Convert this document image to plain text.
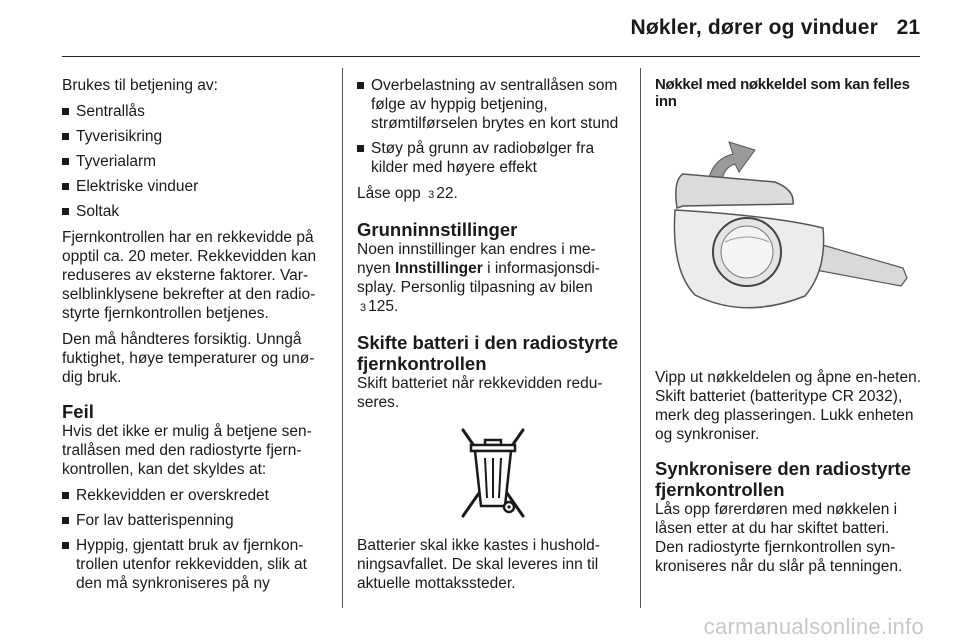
Nøkler, dører og vinduer 21

Brukes til betjening av:

Sentrallås
Tyverisikring
Tyverialarm
Elektriske vinduer
Soltak

Fjernkontrollen har en rekkevidde på opptil ca. 20 meter. Rekkevidden kan reduseres av eksterne faktorer. Var-selblinklysene bekrefter at den radio-styrte fjernkontrollen betjenes.

Den må håndteres forsiktig. Unngå fuktighet, høye temperaturer og unø-dig bruk.

Feil

Hvis det ikke er mulig å betjene sen-trallåsen med den radiostyrte fjern-kontrollen, kan det skyldes at:

Rekkevidden er overskredet
For lav batterispenning
Hyppig, gjentatt bruk av fjernkon-trollen utenfor rekkevidden, slik at den må synkroniseres på ny
Overbelastning av sentrallåsen som følge av hyppig betjening, strømtilførselen brytes en kort stund
Støy på grunn av radiobølger fra kilder med høyere effekt

Låse opp 3 22.

Grunninnstillinger

Noen innstillinger kan endres i me-nyen Innstillinger i informasjonsdi-splay. Personlig tilpasning av bilen 3 125.

Skifte batteri i den radiostyrte fjernkontrollen

Skift batteriet når rekkevidden redu-seres.

Batterier skal ikke kastes i hushold-ningsavfallet. De skal leveres inn til aktuelle mottakssteder.

Nøkkel med nøkkeldel som kan felles inn

Vipp ut nøkkeldelen og åpne en-heten. Skift batteriet (batteritype CR 2032), merk deg plasseringen. Lukk enheten og synkroniser.

Synkronisere den radiostyrte fjernkontrollen

Lås opp førerdøren med nøkkelen i låsen etter at du har skiftet batteri. Den radiostyrte fjernkontrollen syn-kroniseres når du slår på tenningen.

carmanualsonline.info
